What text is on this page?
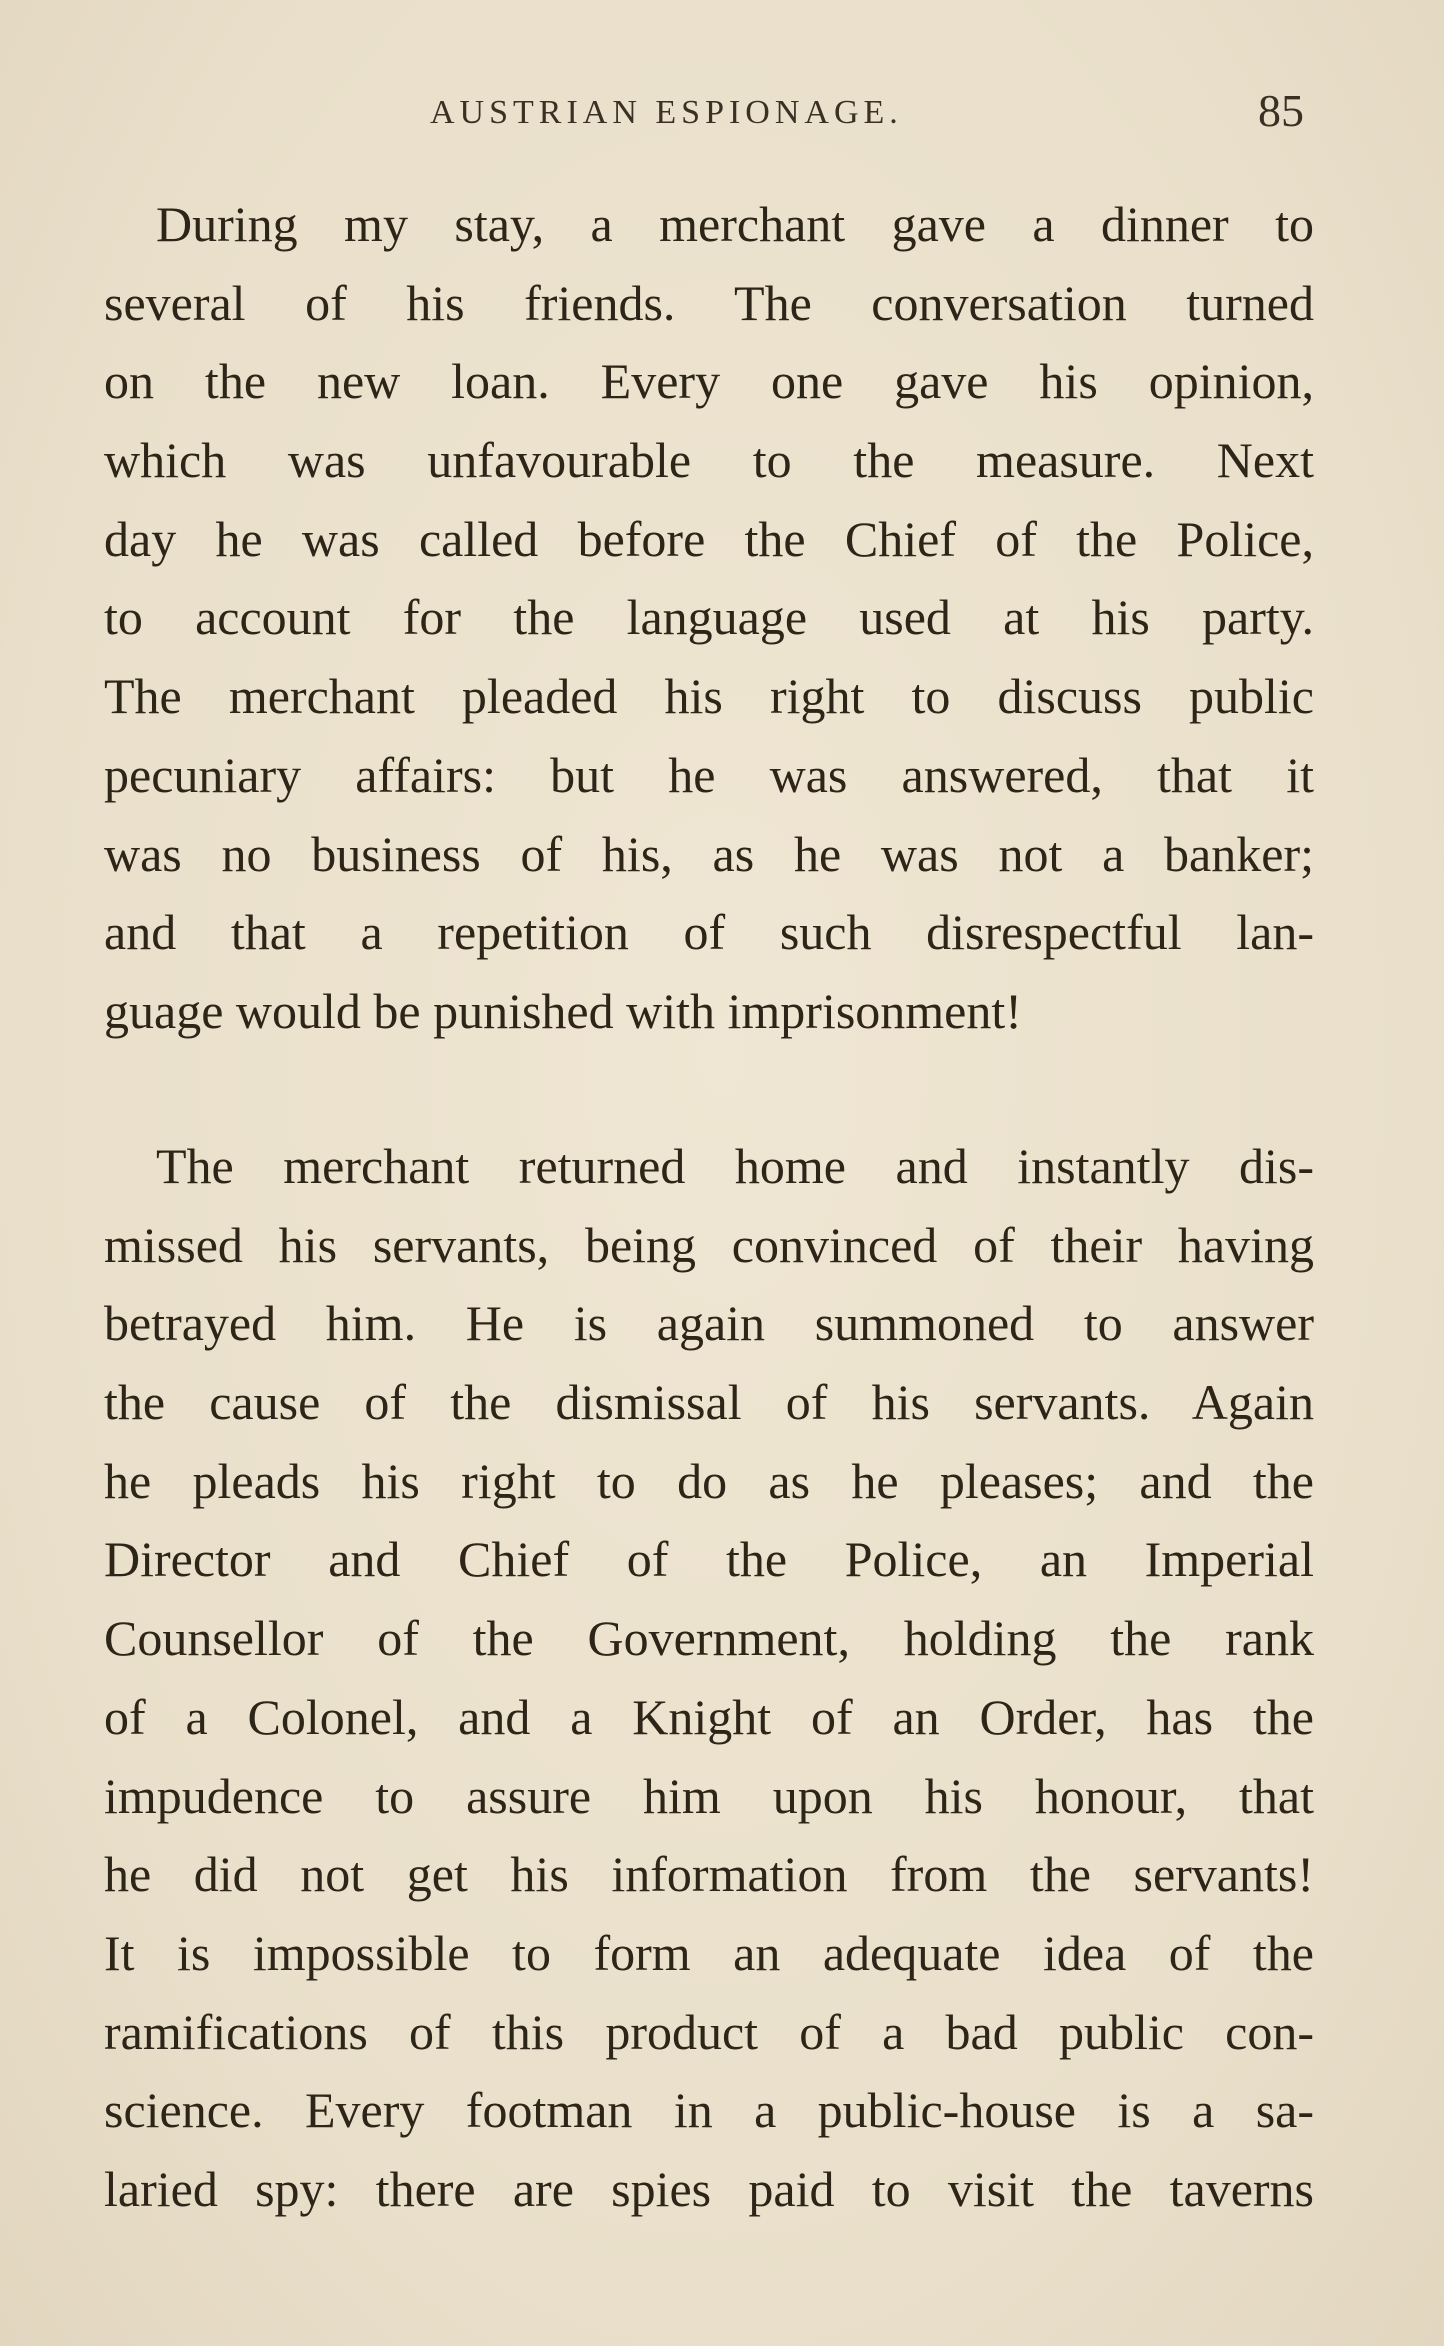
AUSTRIAN ESPIONAGE.	85
During my stay, a merchant gave a dinner to
several of his friends. The conversation turned
on the new loan. Every one gave his opinion,
which was unfavourable to the measure. Next
day he was called before the Chief of the Police,
to account for the language used at his party.
The merchant pleaded his right to discuss public
pecuniary affairs: but he was answered, that it
was no business of his, as he was not a banker;
and that a repetition of such disrespectful lan-
guage would be punished with imprisonment!
The merchant returned home and instantly dis-
missed his servants, being convinced of their having
betrayed him. He is again summoned to answer
the cause of the dismissal of his servants. Again
he pleads his right to do as he pleases; and the
Director and Chief of the Police, an Imperial
Counsellor of the Government, holding the rank
of a Colonel, and a Knight of an Order, has the
impudence to assure him upon his honour, that
he did not get his information from the servants!
It is impossible to form an adequate idea of the
ramifications of this product of a bad public con-
science. Every footman in a public-house is a sa-
laried spy: there are spies paid to visit the taverns
